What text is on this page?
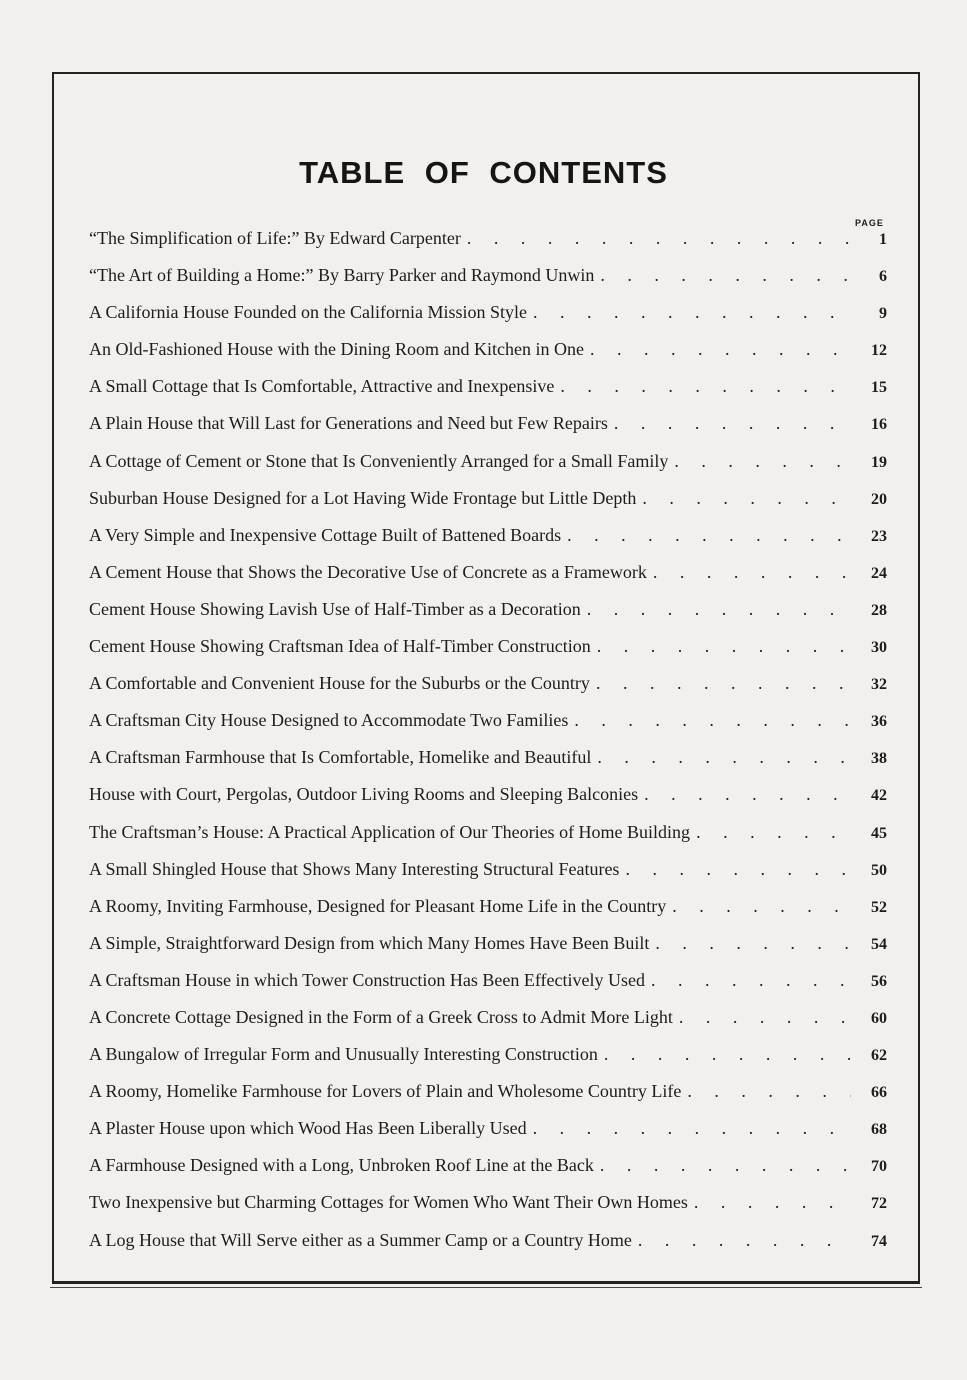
TABLE OF CONTENTS
PAGE
“The Simplification of Life:” By Edward Carpenter . . .	1
“The Art of Building a Home:” By Barry Parker and Raymond Unwin . . .	6
A California House Founded on the California Mission Style . . .	9
An Old-Fashioned House with the Dining Room and Kitchen in One . . .	12
A Small Cottage that Is Comfortable, Attractive and Inexpensive . . .	15
A Plain House that Will Last for Generations and Need but Few Repairs . . .	16
A Cottage of Cement or Stone that Is Conveniently Arranged for a Small Family . . .	19
Suburban House Designed for a Lot Having Wide Frontage but Little Depth . . .	20
A Very Simple and Inexpensive Cottage Built of Battened Boards . . .	23
A Cement House that Shows the Decorative Use of Concrete as a Framework . . .	24
Cement House Showing Lavish Use of Half-Timber as a Decoration . . .	28
Cement House Showing Craftsman Idea of Half-Timber Construction . . .	30
A Comfortable and Convenient House for the Suburbs or the Country . . .	32
A Craftsman City House Designed to Accommodate Two Families . . .	36
A Craftsman Farmhouse that Is Comfortable, Homelike and Beautiful . . .	38
House with Court, Pergolas, Outdoor Living Rooms and Sleeping Balconies . . .	42
The Craftsman’s House: A Practical Application of Our Theories of Home Building . . .	45
A Small Shingled House that Shows Many Interesting Structural Features . . .	50
A Roomy, Inviting Farmhouse, Designed for Pleasant Home Life in the Country . . .	52
A Simple, Straightforward Design from which Many Homes Have Been Built . . .	54
A Craftsman House in which Tower Construction Has Been Effectively Used . . .	56
A Concrete Cottage Designed in the Form of a Greek Cross to Admit More Light . . .	60
A Bungalow of Irregular Form and Unusually Interesting Construction . . .	62
A Roomy, Homelike Farmhouse for Lovers of Plain and Wholesome Country Life . . .	66
A Plaster House upon which Wood Has Been Liberally Used . . .	68
A Farmhouse Designed with a Long, Unbroken Roof Line at the Back . . .	70
Two Inexpensive but Charming Cottages for Women Who Want Their Own Homes . . .	72
A Log House that Will Serve either as a Summer Camp or a Country Home . . .	74
